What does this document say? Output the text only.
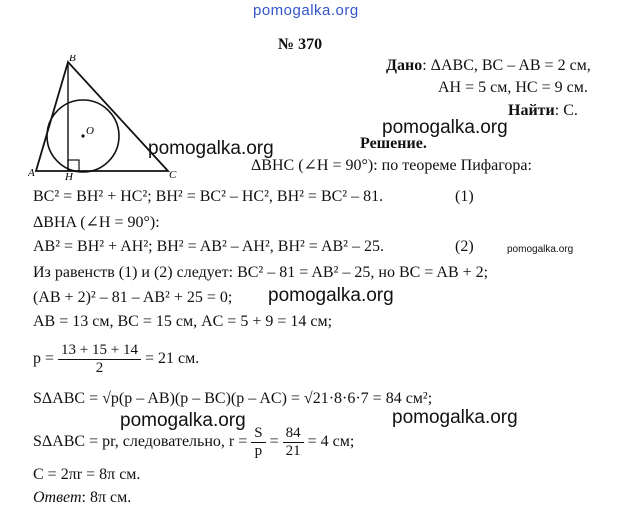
pomogalka.org
pomogalka.org
pomogalka.org
pomogalka.org
pomogalka.org
pomogalka.org	pomogalka.org
№ 370
Дано: ΔABC, BC – AB = 2 см,
AH = 5 см, HC = 9 см.
Найти: C.
B
A	C
H
O
Решение.
ΔBHC (∠H = 90°): по теореме Пифагора:
BC² = BH² + HC²; BH² = BC² – HC², BH² = BC² – 81.	(1)
ΔBHA (∠H = 90°):
AB² = BH² + AH²; BH² = AB² – AH², BH² = AB² – 25.	(2)
Из равенств (1) и (2) следует: BC² – 81 = AB² – 25, но BC = AB + 2;
(AB + 2)² – 81 – AB² + 25 = 0;
AB = 13 см, BC = 15 см, AC = 5 + 9 = 14 см;
$p = \frac{13 + 15 + 14}{2} = 21$ см.
SΔABC = √p(p – AB)(p – BC)(p – AC) = √21·8·6·7 = 84 см²;
SΔABC = pr, следовательно, $r = \frac{S}{p} = \frac{84}{21} = 4$ см;
C = 2πr = 8π см.
Ответ: 8π см.
